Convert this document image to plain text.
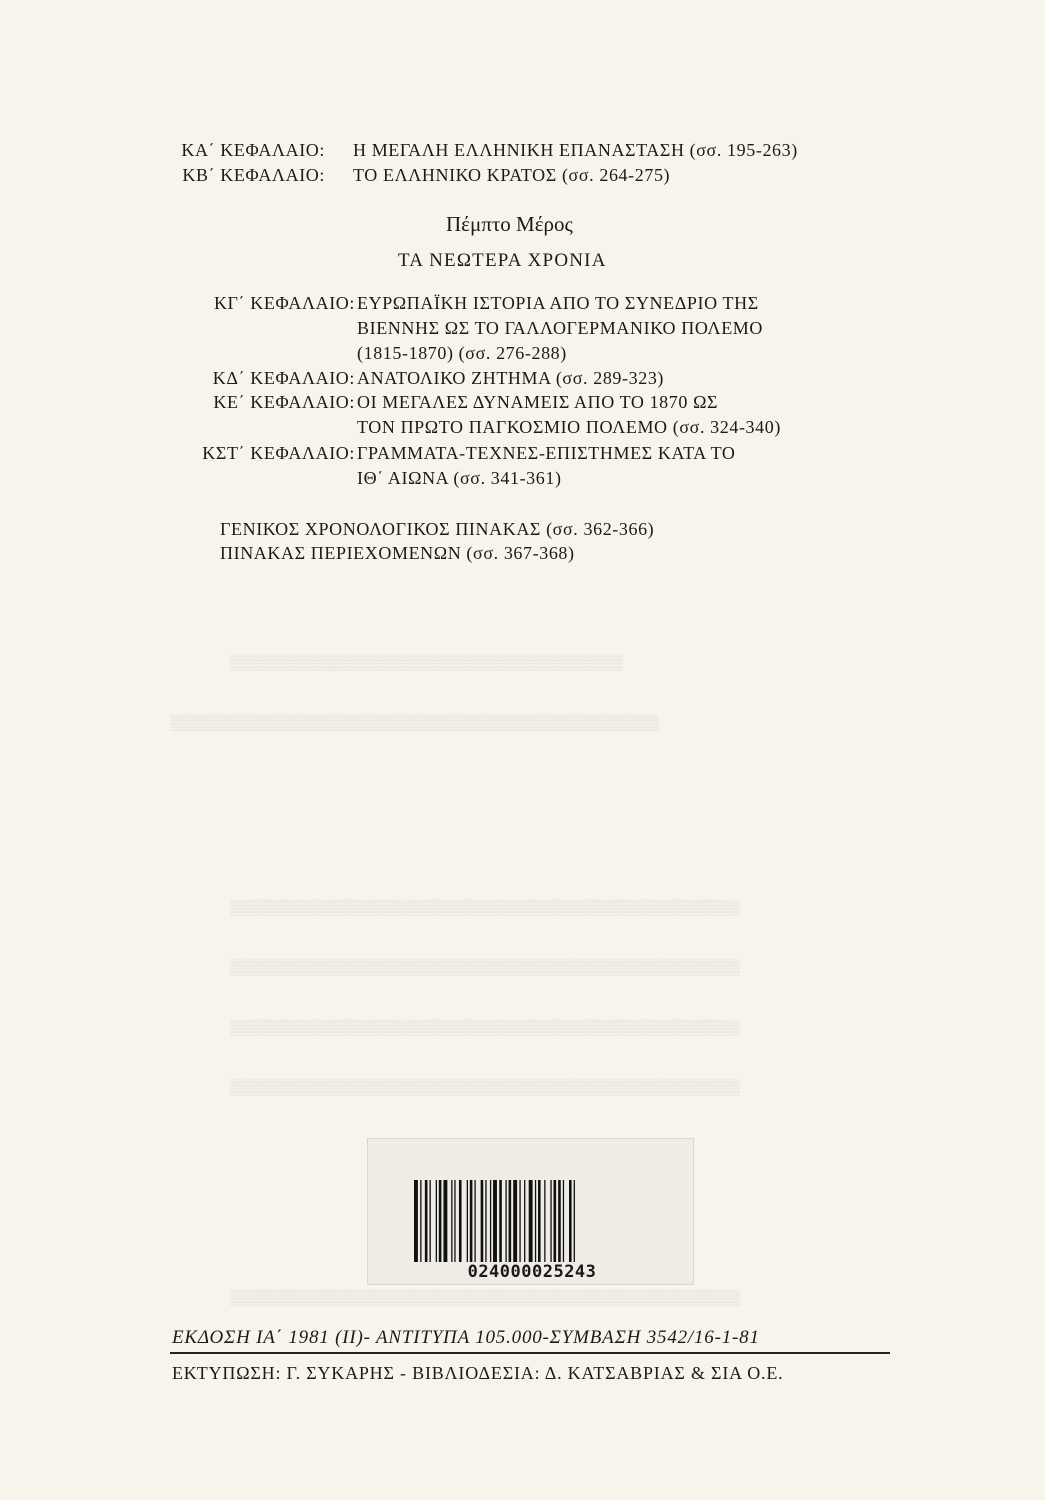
▒▒▒▒▒▒▒▒▒▒▒▒▒▒▒▒▒▒▒▒▒▒▒▒▒▒▒▒▒▒▒▒▒▒▒▒▒
▒▒▒▒▒▒▒▒▒▒▒▒▒▒▒▒▒▒▒▒▒▒▒▒▒▒▒▒▒▒▒▒▒▒▒▒▒▒▒▒▒▒▒▒▒▒
▒▒▒▒▒▒▒▒▒▒▒▒▒▒▒▒▒▒▒▒▒▒▒▒▒▒▒▒▒▒▒▒▒▒▒▒▒▒▒▒▒▒▒▒▒▒▒▒
▒▒▒▒▒▒▒▒▒▒▒▒▒▒▒▒▒▒▒▒▒▒▒▒▒▒▒▒▒▒▒▒▒▒▒▒▒▒▒▒▒▒▒▒▒▒▒▒
▒▒▒▒▒▒▒▒▒▒▒▒▒▒▒▒▒▒▒▒▒▒▒▒▒▒▒▒▒▒▒▒▒▒▒▒▒▒▒▒▒▒▒▒▒▒▒▒
▒▒▒▒▒▒▒▒▒▒▒▒▒▒▒▒▒▒▒▒▒▒▒▒▒▒▒▒▒▒▒▒▒▒▒▒▒▒▒▒▒▒▒▒▒▒▒▒
▒▒▒▒▒▒▒▒▒▒▒▒▒▒▒▒▒▒▒▒▒▒▒▒▒▒▒▒▒▒▒▒▒▒▒▒▒▒▒▒▒▒▒▒▒▒▒▒
ΚΑ΄ ΚΕΦΑΛΑΙΟ: Η ΜΕΓΑΛΗ ΕΛΛΗΝΙΚΗ ΕΠΑΝΑΣΤΑΣΗ (σσ. 195-263)
ΚΒ΄ ΚΕΦΑΛΑΙΟ: ΤΟ ΕΛΛΗΝΙΚΟ ΚΡΑΤΟΣ (σσ. 264-275)
Πέμπτο Μέρος
ΤΑ ΝΕΩΤΕΡΑ ΧΡΟΝΙΑ
ΚΓ΄ ΚΕΦΑΛΑΙΟ: ΕΥΡΩΠΑΪΚΗ ΙΣΤΟΡΙΑ ΑΠΟ ΤΟ ΣΥΝΕΔΡΙΟ ΤΗΣ
ΒΙΕΝΝΗΣ ΩΣ ΤΟ ΓΑΛΛΟΓΕΡΜΑΝΙΚΟ ΠΟΛΕΜΟ
(1815-1870) (σσ. 276-288)
ΚΔ΄ ΚΕΦΑΛΑΙΟ: ΑΝΑΤΟΛΙΚΟ ΖΗΤΗΜΑ (σσ. 289-323)
ΚΕ΄ ΚΕΦΑΛΑΙΟ: ΟΙ ΜΕΓΑΛΕΣ ΔΥΝΑΜΕΙΣ ΑΠΟ ΤΟ 1870 ΩΣ
ΤΟΝ ΠΡΩΤΟ ΠΑΓΚΟΣΜΙΟ ΠΟΛΕΜΟ (σσ. 324-340)
ΚΣΤ΄ ΚΕΦΑΛΑΙΟ: ΓΡΑΜΜΑΤΑ-ΤΕΧΝΕΣ-ΕΠΙΣΤΗΜΕΣ ΚΑΤΑ ΤΟ
ΙΘ΄ ΑΙΩΝΑ (σσ. 341-361)
ΓΕΝΙΚΟΣ ΧΡΟΝΟΛΟΓΙΚΟΣ ΠΙΝΑΚΑΣ (σσ. 362-366)
ΠΙΝΑΚΑΣ ΠΕΡΙΕΧΟΜΕΝΩΝ (σσ. 367-368)
024000025243
ΕΚΔΟΣΗ ΙΑ΄ 1981 (ΙΙ)- ΑΝΤΙΤΥΠΑ 105.000-ΣΥΜΒΑΣΗ 3542/16-1-81
ΕΚΤΥΠΩΣΗ: Γ. ΣΥΚΑΡΗΣ - ΒΙΒΛΙΟΔΕΣΙΑ: Δ. ΚΑΤΣΑΒΡΙΑΣ & ΣΙΑ Ο.Ε.
